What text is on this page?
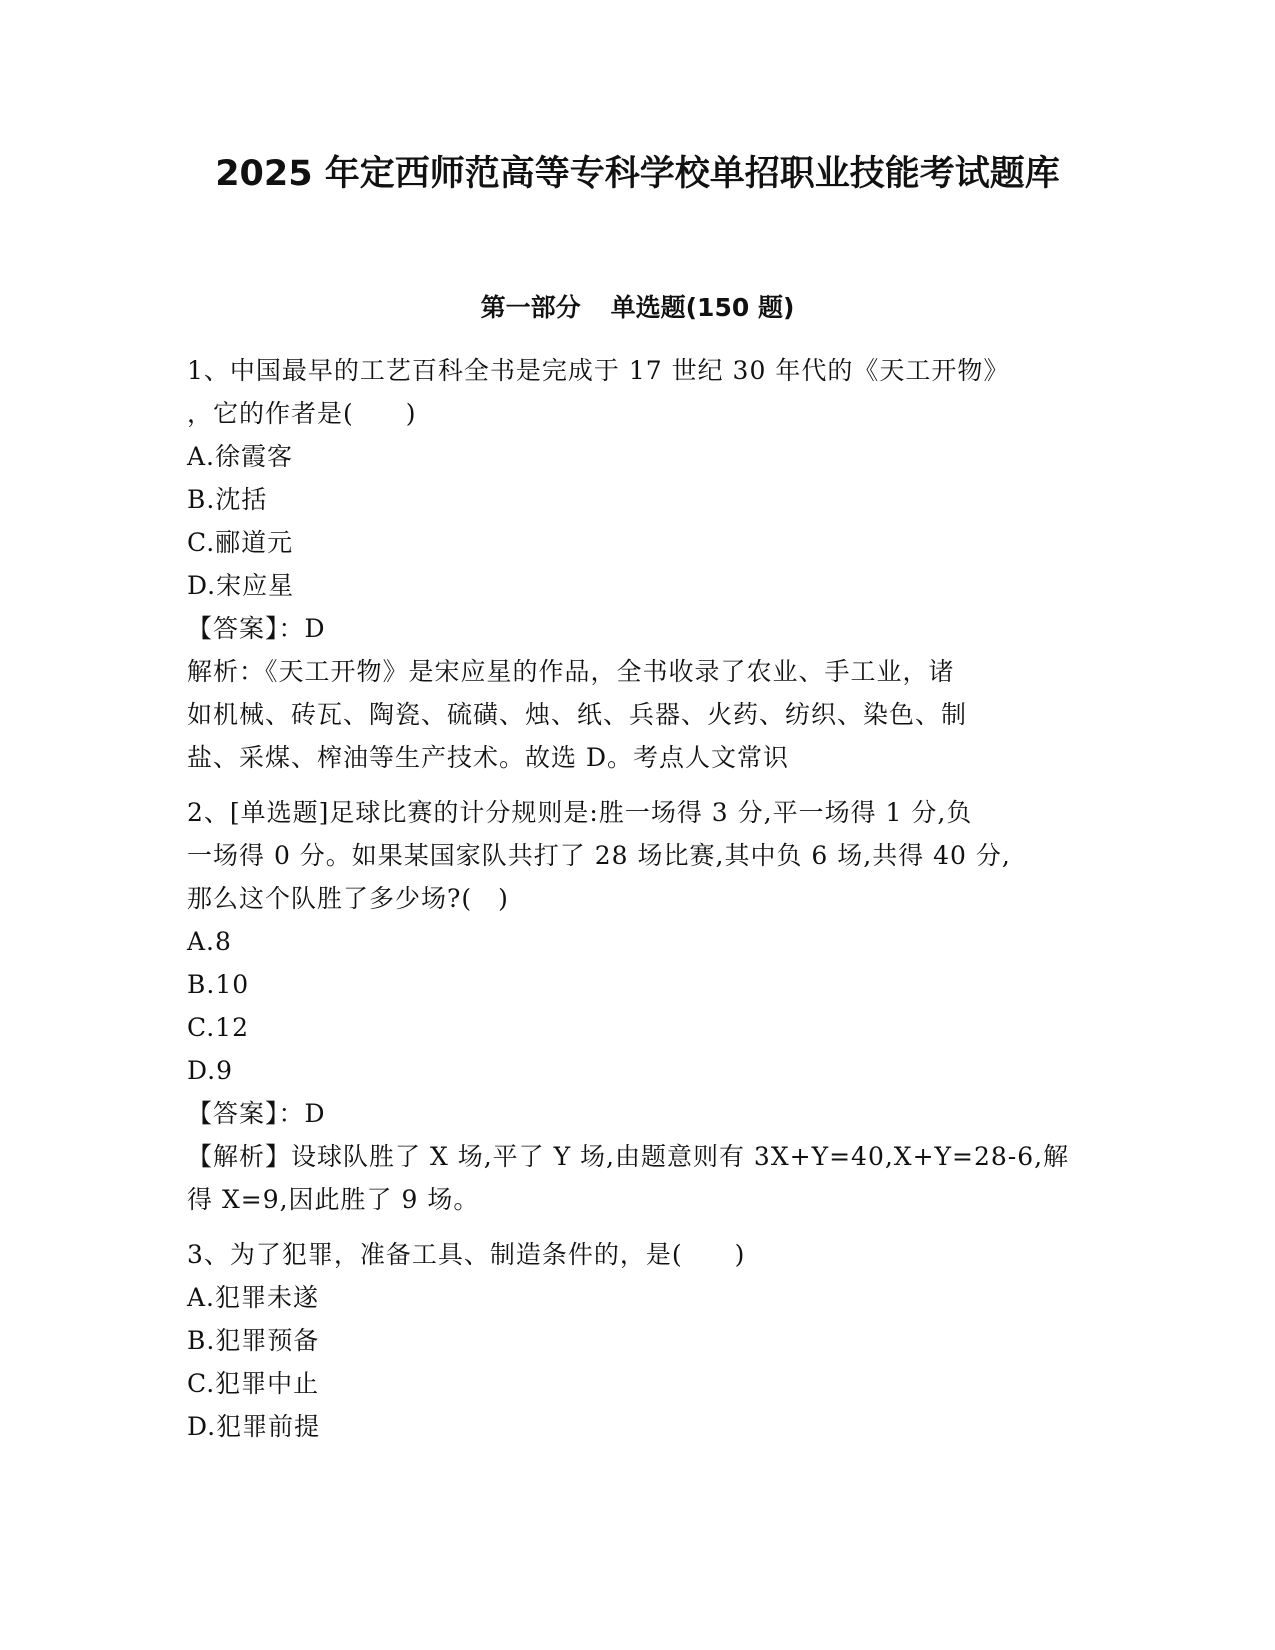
2025 年定西师范高等专科学校单招职业技能考试题库
第一部分 单选题(150 题)
1、中国最早的工艺百科全书是完成于 17 世纪 30 年代的《天工开物》
，它的作者是(　　)
A.徐霞客
B.沈括
C.郦道元
D.宋应星
【答案】：D
解析：《天工开物》是宋应星的作品，全书收录了农业、手工业，诸
如机械、砖瓦、陶瓷、硫磺、烛、纸、兵器、火药、纺织、染色、制
盐、采煤、榨油等生产技术。故选 D。考点人文常识
2、[单选题]足球比赛的计分规则是:胜一场得 3 分,平一场得 1 分,负
一场得 0 分。如果某国家队共打了 28 场比赛,其中负 6 场,共得 40 分,
那么这个队胜了多少场?(　)
A.8
B.10
C.12
D.9
【答案】：D
【解析】设球队胜了 X 场,平了 Y 场,由题意则有 3X+Y=40,X+Y=28-6,解
得 X=9,因此胜了 9 场。
3、为了犯罪，准备工具、制造条件的，是(　　)
A.犯罪未遂
B.犯罪预备
C.犯罪中止
D.犯罪前提
